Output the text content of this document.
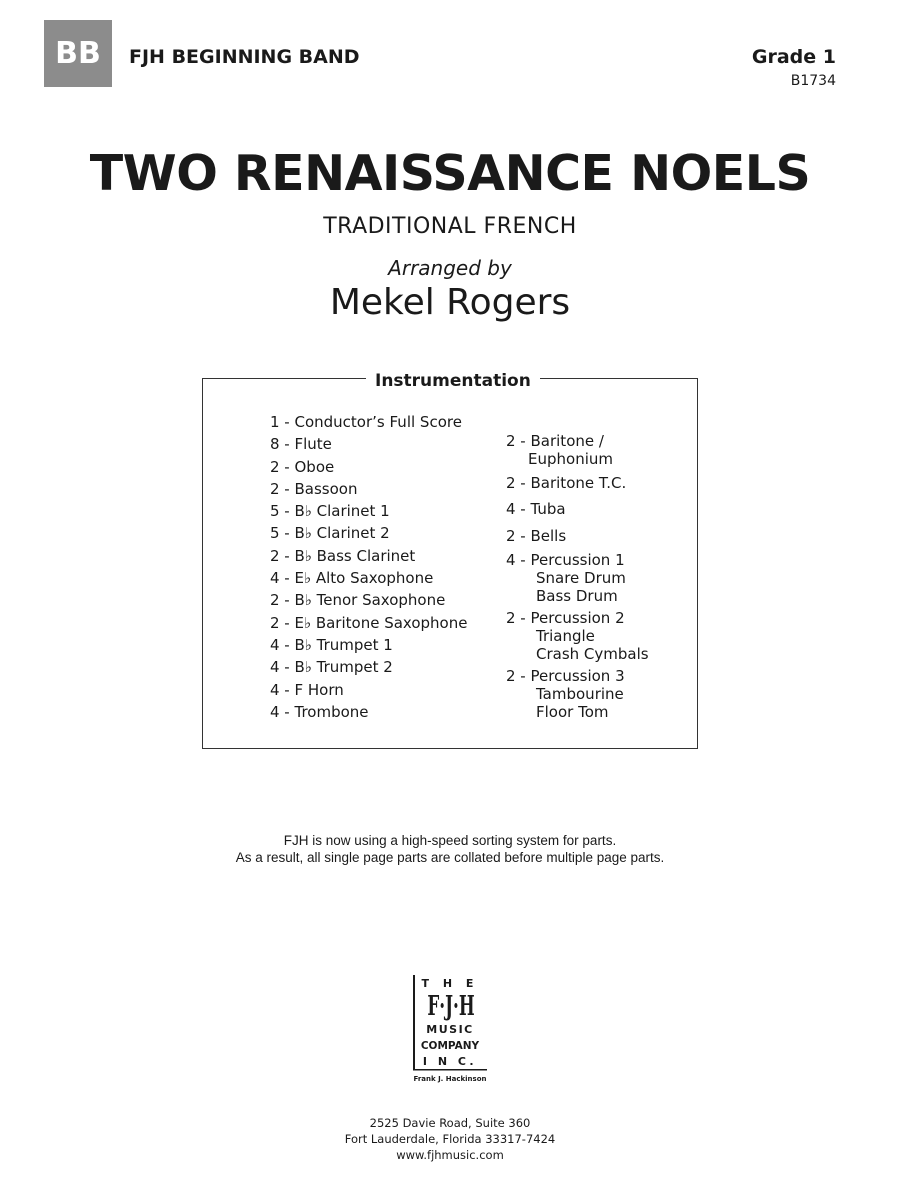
BB	FJH BEGINNING BAND	Grade 1
B1734
TWO RENAISSANCE NOELS
TRADITIONAL FRENCH
Arranged by
Mekel Rogers
Instrumentation
1 - Conductor’s Full Score
8 - Flute
2 - Oboe
2 - Bassoon
5 - B♭ Clarinet 1
5 - B♭ Clarinet 2
2 - B♭ Bass Clarinet
4 - E♭ Alto Saxophone
2 - B♭ Tenor Saxophone
2 - E♭ Baritone Saxophone
4 - B♭ Trumpet 1
4 - B♭ Trumpet 2
4 - F Horn
4 - Trombone
2 - Baritone /
Euphonium
2 - Baritone T.C.
4 - Tuba
2 - Bells
4 - Percussion 1
Snare Drum
Bass Drum
2 - Percussion 2
Triangle
Crash Cymbals
2 - Percussion 3
Tambourine
Floor Tom
FJH is now using a high-speed sorting system for parts.
As a result, all single page parts are collated before multiple page parts.
T H E
F·J·H
MUSIC
COMPANY
I N C.
Frank J. Hackinson
2525 Davie Road, Suite 360
Fort Lauderdale, Florida 33317-7424
www.fjhmusic.com
